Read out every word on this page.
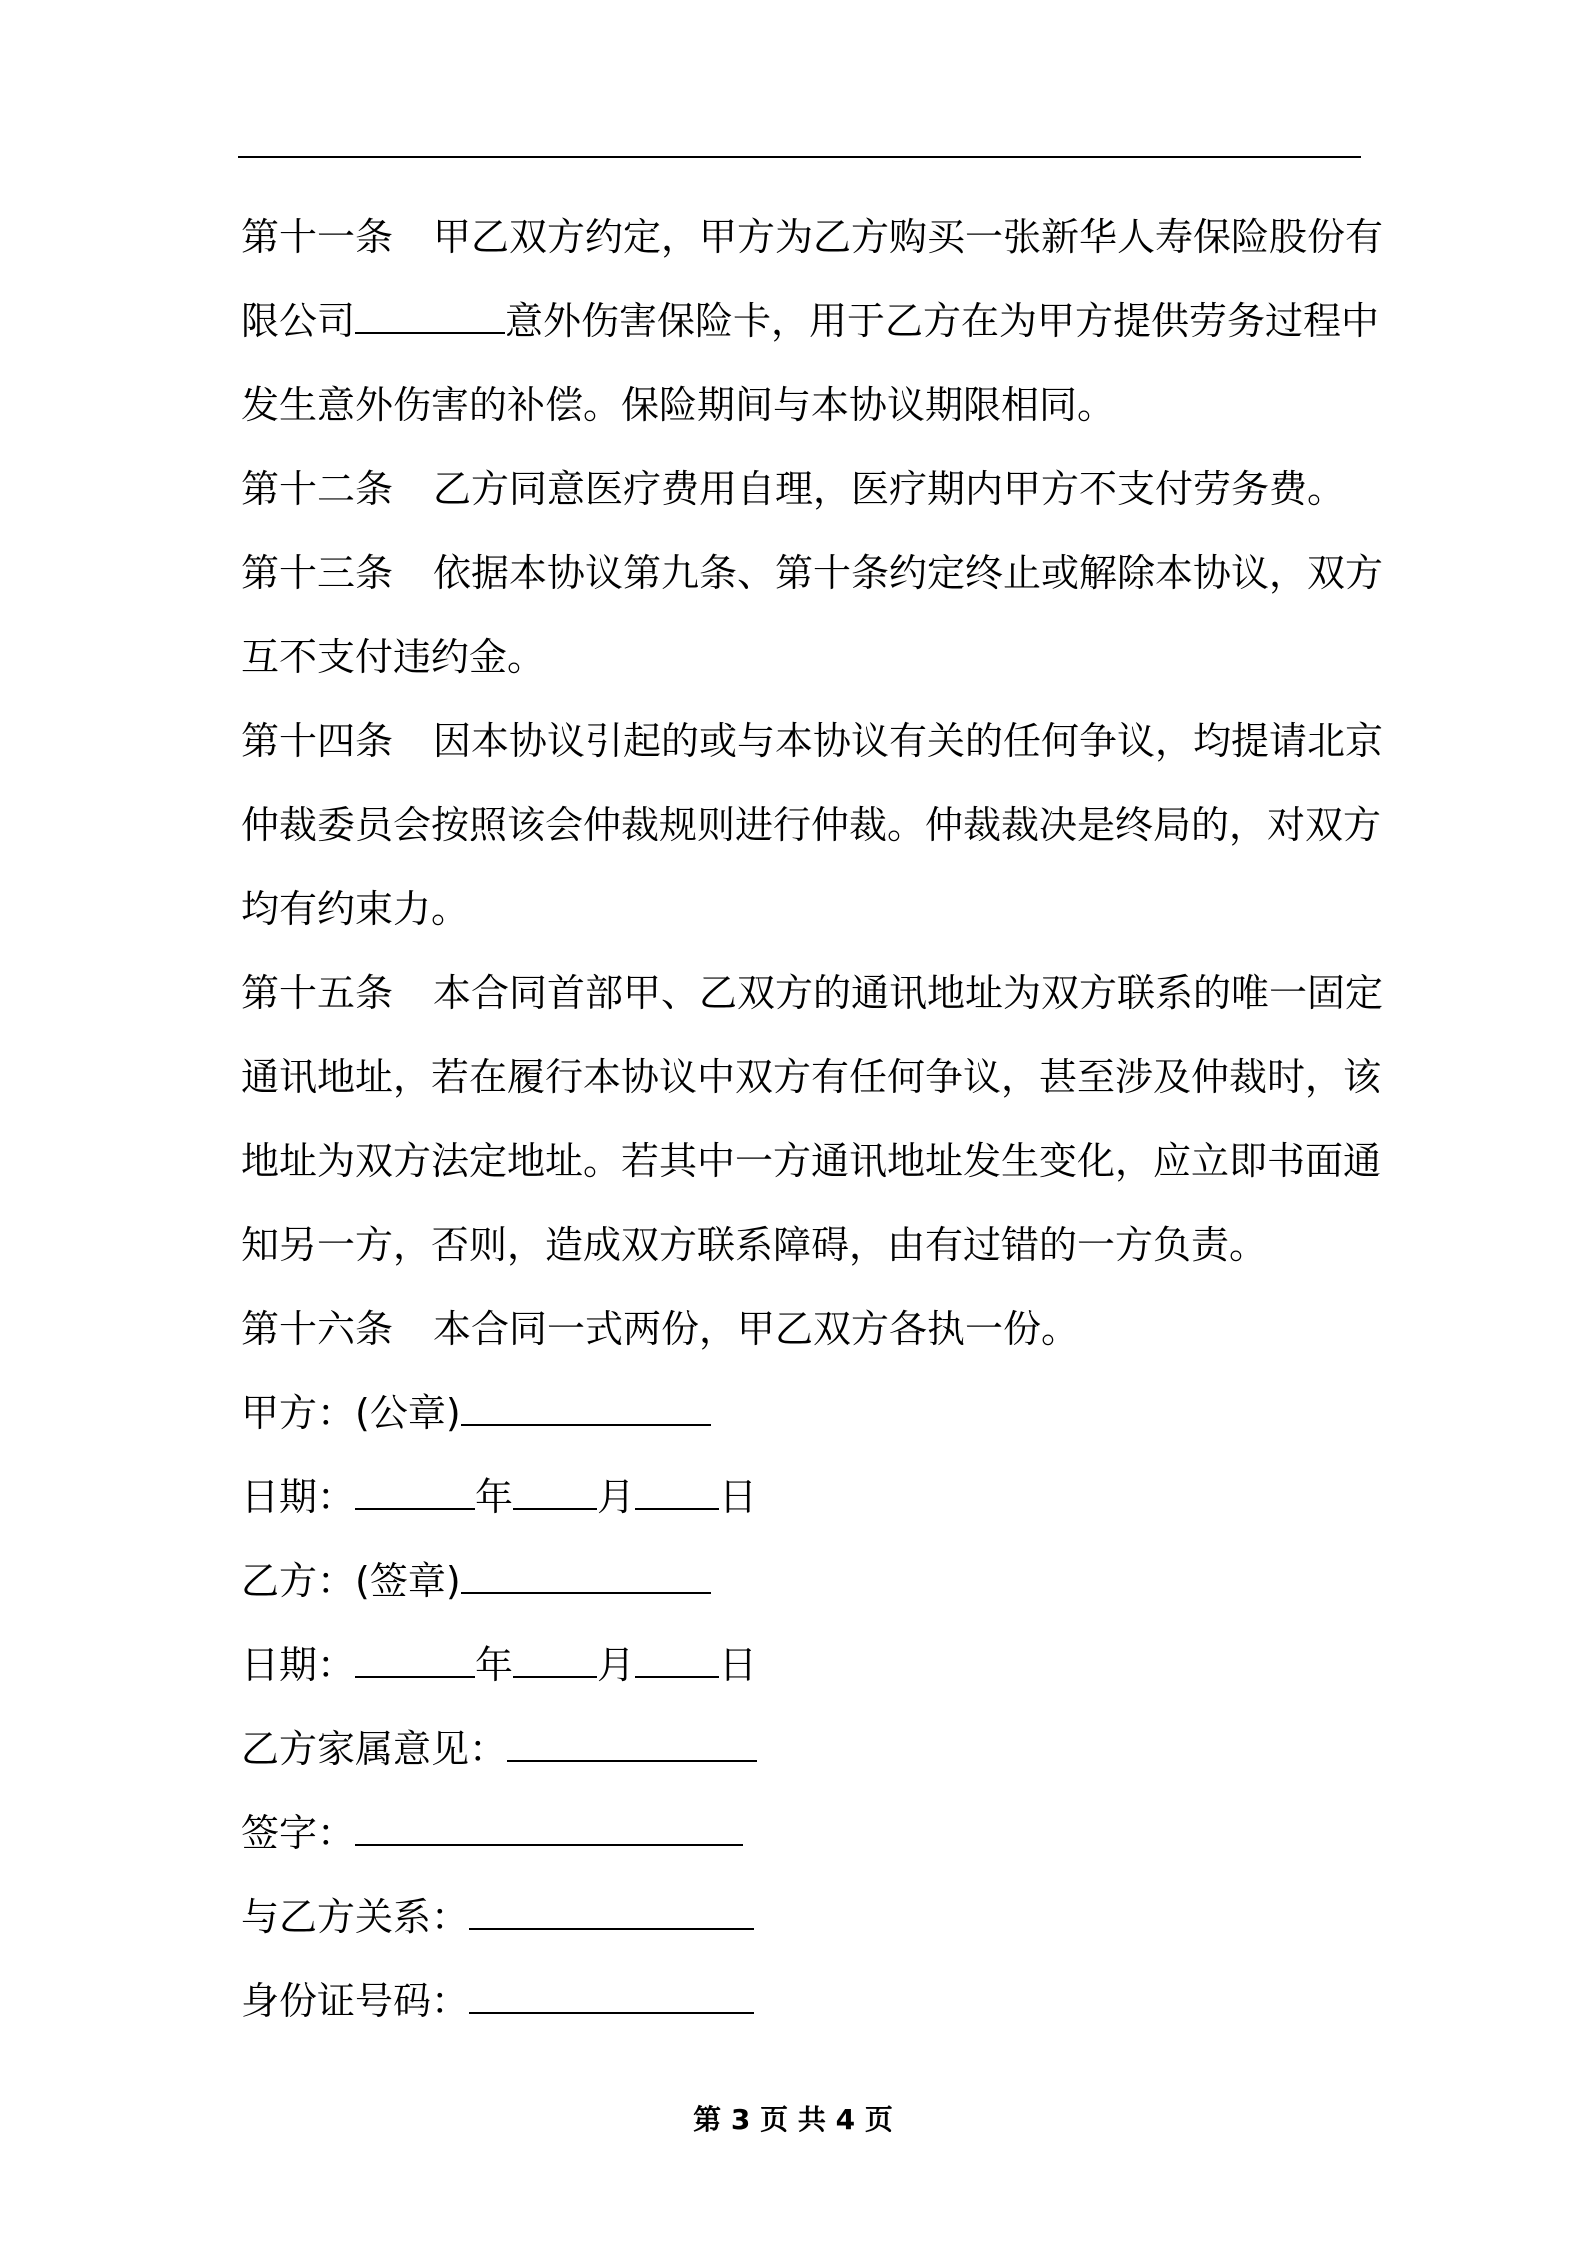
第十一条 甲乙双方约定，甲方为乙方购买一张新华人寿保险股份有

限公司	意外伤害保险卡，用于乙方在为甲方提供劳务过程中

发生意外伤害的补偿。保险期间与本协议期限相同。

第十二条 乙方同意医疗费用自理，医疗期内甲方不支付劳务费。

第十三条 依据本协议第九条、第十条约定终止或解除本协议，双方

互不支付违约金。

第十四条 因本协议引起的或与本协议有关的任何争议，均提请北京

仲裁委员会按照该会仲裁规则进行仲裁。仲裁裁决是终局的，对双方

均有约束力。

第十五条 本合同首部甲、乙双方的通讯地址为双方联系的唯一固定

通讯地址，若在履行本协议中双方有任何争议，甚至涉及仲裁时，该

地址为双方法定地址。若其中一方通讯地址发生变化，应立即书面通

知另一方，否则，造成双方联系障碍，由有过错的一方负责。

第十六条 本合同一式两份，甲乙双方各执一份。

甲方：(公章)

日期：	年 月 日

乙方：(签章)

日期：	年 月 日

乙方家属意见：

签字：

与乙方关系：

身份证号码：

第 3 页 共 4 页
